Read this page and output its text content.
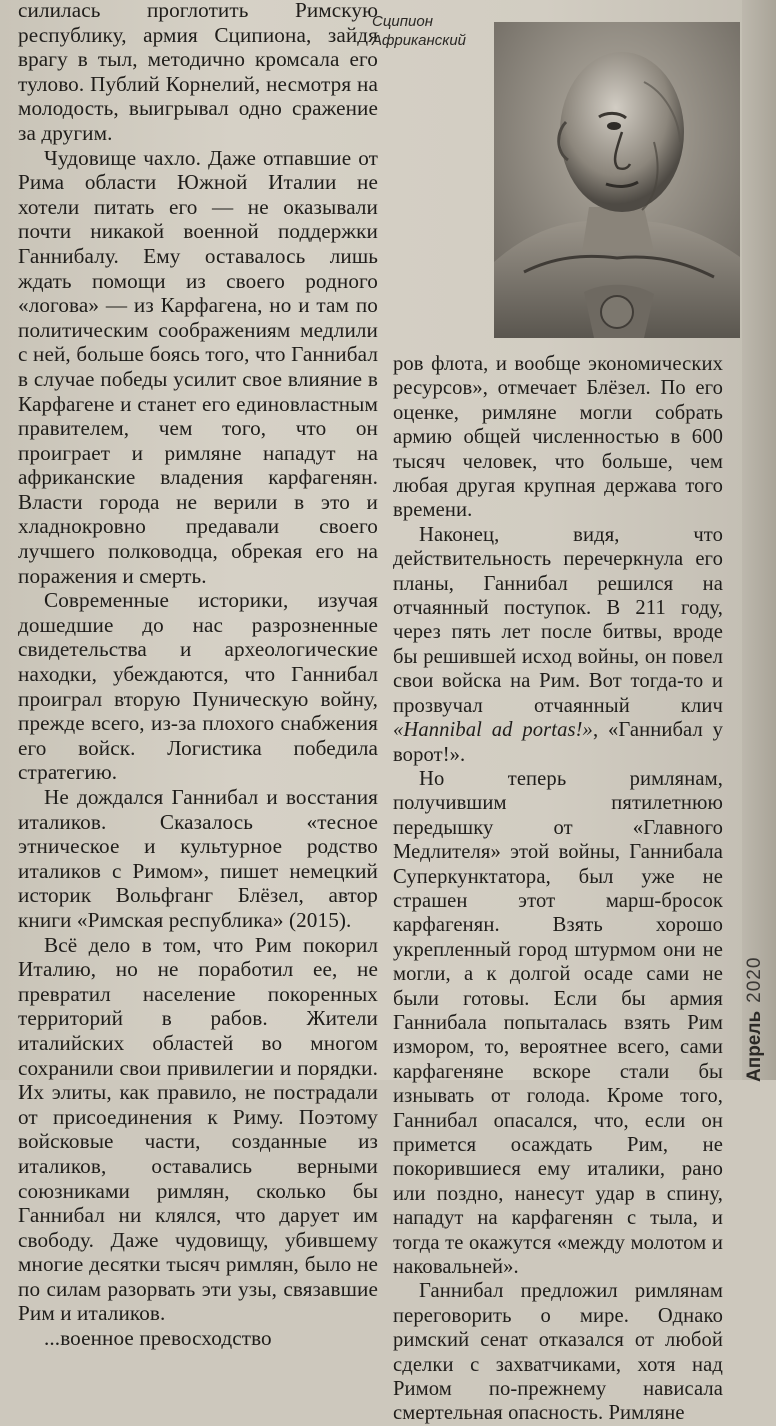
силилась проглотить Римскую республику, армия Сципиона, зайдя врагу в тыл, методично кромсала его тулово. Публий Корнелий, несмотря на молодость, выигрывал одно сражение за другим.

Чудовище чахло. Даже отпавшие от Рима области Южной Италии не хотели питать его — не оказывали почти никакой военной поддержки Ганнибалу. Ему оставалось лишь ждать помощи из своего родного «логова» — из Карфагена, но и там по политическим соображениям медлили с ней, больше боясь того, что Ганнибал в случае победы усилит свое влияние в Карфагене и станет его единовластным правителем, чем того, что он проиграет и римляне нападут на африканские владения карфагенян. Власти города не верили в это и хладнокровно предавали своего лучшего полководца, обрекая его на поражения и смерть.

Современные историки, изучая дошедшие до нас разрозненные свидетельства и археологические находки, убеждаются, что Ганнибал проиграл вторую Пуническую войну, прежде всего, из-за плохого снабжения его войск. Логистика победила стратегию.

Не дождался Ганнибал и восстания италиков. Сказалось «тесное этническое и культурное родство италиков с Римом», пишет немецкий историк Вольфганг Блёзел, автор книги «Римская республика» (2015).

Всё дело в том, что Рим покорил Италию, но не поработил ее, не превратил население покоренных территорий в рабов. Жители италийских областей во многом сохранили свои привилегии и порядки. Их элиты, как правило, не пострадали от присоединения к Риму. Поэтому войсковые части, созданные из италиков, оставались верными союзниками римлян, сколько бы Ганнибал ни клялся, что дарует им свободу. Даже чудовищу, убившему многие десятки тысяч римлян, было не по силам разорвать эти узы, связавшие Рим и италиков.

...военное превосходство

Сципион
Африканский

ров флота, и вообще экономических ресурсов», отмечает Блёзел. По его оценке, римляне могли собрать армию общей численностью в 600 тысяч человек, что больше, чем любая другая крупная держава того времени.

Наконец, видя, что действительность перечеркнула его планы, Ганнибал решился на отчаянный поступок. В 211 году, через пять лет после битвы, вроде бы решившей исход войны, он повел свои войска на Рим. Вот тогда-то и прозвучал отчаянный клич «Hannibal ad portas!», «Ганнибал у ворот!».

Но теперь римлянам, получившим пятилетнюю передышку от «Главного Медлителя» этой войны, Ганнибала Суперкунктатора, был уже не страшен этот марш-бросок карфагенян. Взять хорошо укрепленный город штурмом они не могли, а к долгой осаде сами не были готовы. Если бы армия Ганнибала попыталась взять Рим измором, то, вероятнее всего, сами карфагеняне вскоре стали бы изнывать от голода. Кроме того, Ганнибал опасался, что, если он примется осаждать Рим, не покорившиеся ему италики, рано или поздно, нанесут удар в спину, нападут на карфагенян с тыла, и тогда те окажутся «между молотом и наковальней».

Ганнибал предложил римлянам переговорить о мире. Однако римский сенат отказался от любой сделки с захватчиками, хотя над Римом по-прежнему нависала смертельная опасность. Римляне

Апрель2020
